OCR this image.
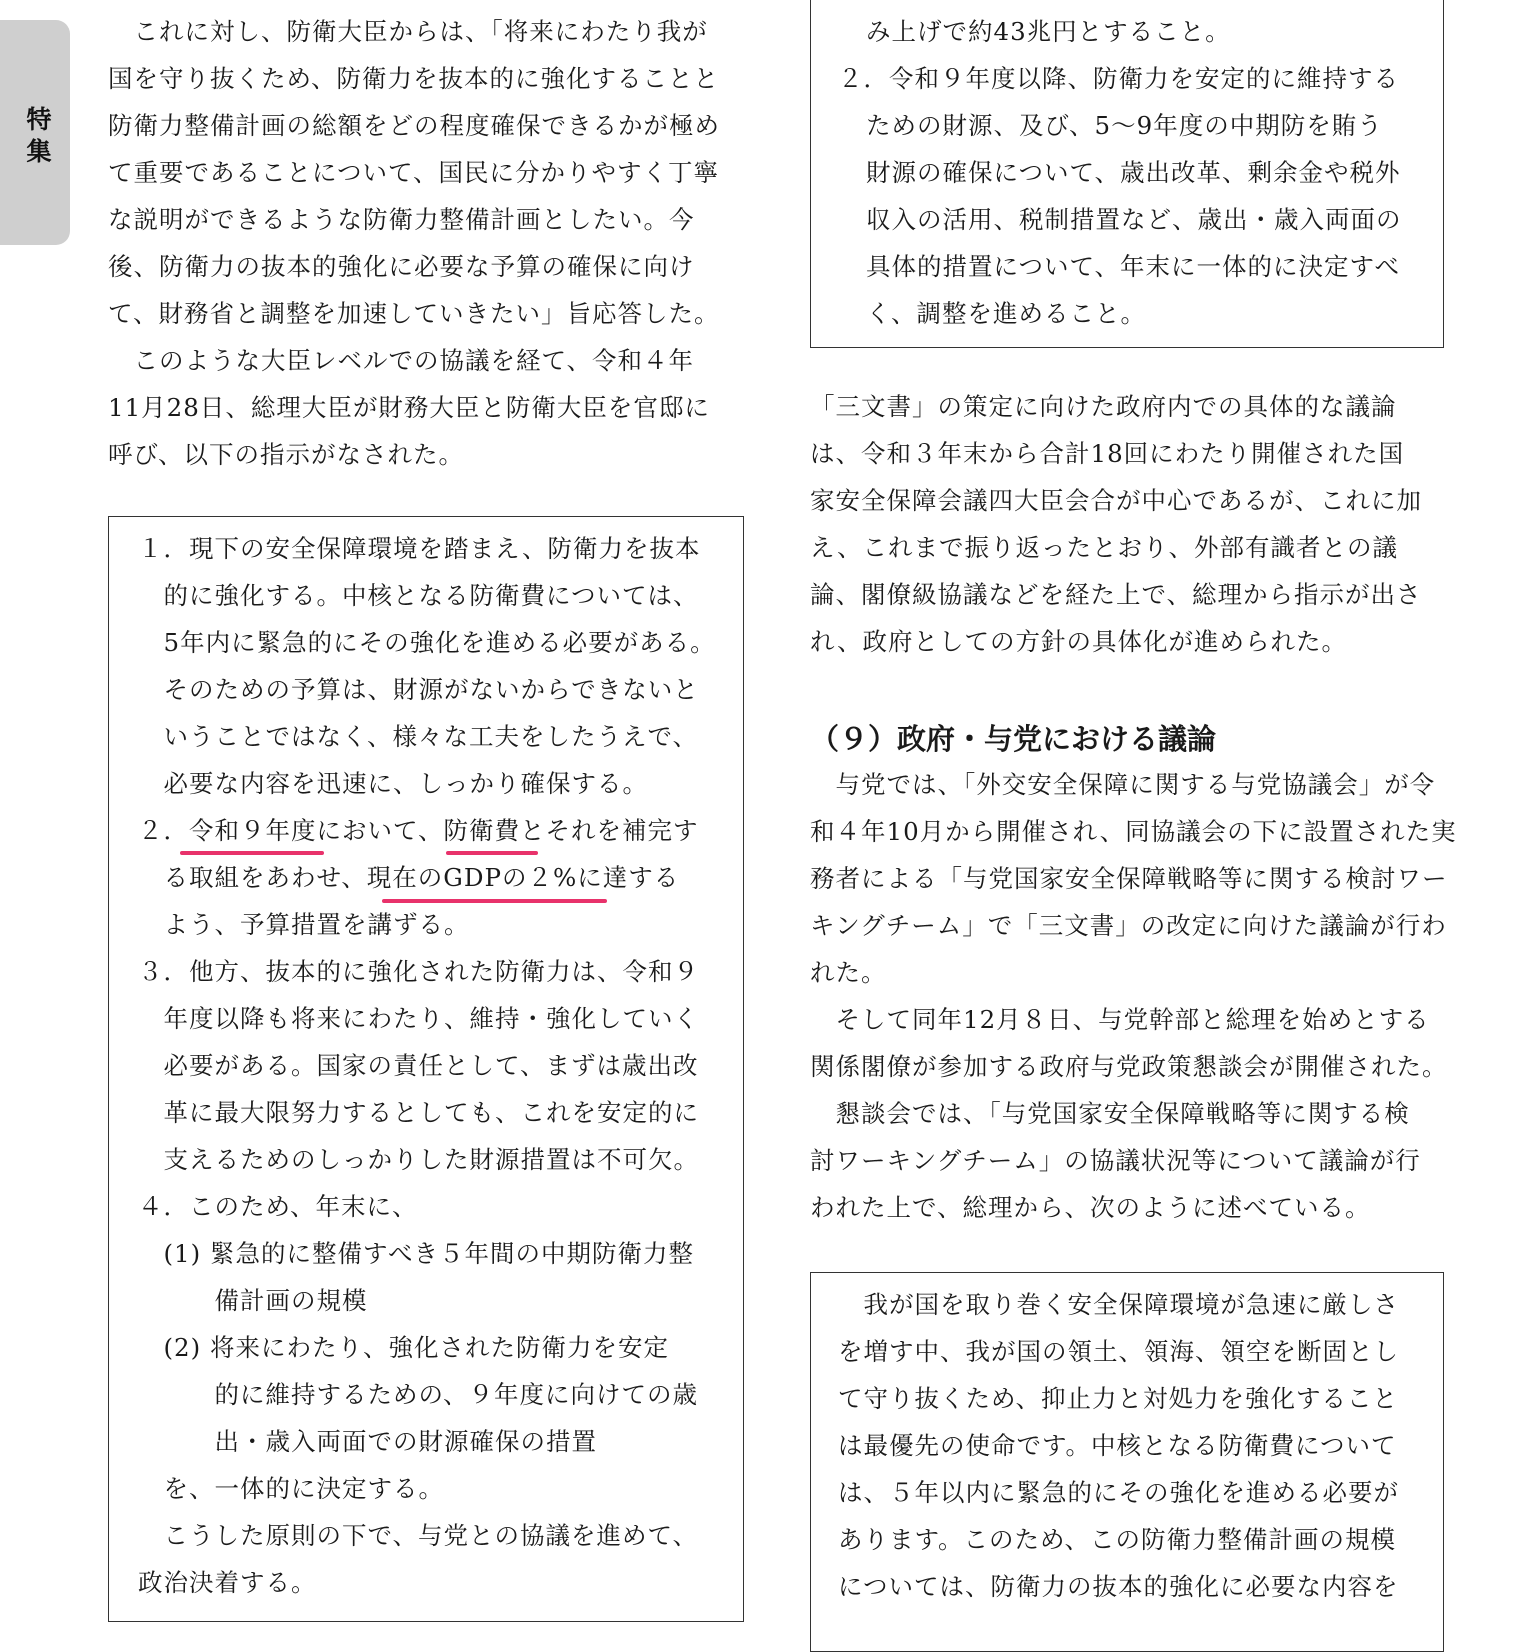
特
集
　これに対し、防衛大臣からは、「将来にわたり我が
国を守り抜くため、防衛力を抜本的に強化することと
防衛力整備計画の総額をどの程度確保できるかが極め
て重要であることについて、国民に分かりやすく丁寧
な説明ができるような防衛力整備計画としたい。今
後、防衛力の抜本的強化に必要な予算の確保に向け
て、財務省と調整を加速していきたい」旨応答した。
　このような大臣レベルでの協議を経て、令和４年
11月28日、総理大臣が財務大臣と防衛大臣を官邸に
呼び、以下の指示がなされた。
１．現下の安全保障環境を踏まえ、防衛力を抜本
　的に強化する。中核となる防衛費については、
　5年内に緊急的にその強化を進める必要がある。
　そのための予算は、財源がないからできないと
　いうことではなく、様々な工夫をしたうえで、
　必要な内容を迅速に、しっかり確保する。
２．令和９年度において、防衛費とそれを補完す
　る取組をあわせ、現在のGDPの２%に達する
　よう、予算措置を講ずる。
３．他方、抜本的に強化された防衛力は、令和９
　年度以降も将来にわたり、維持・強化していく
　必要がある。国家の責任として、まずは歳出改
　革に最大限努力するとしても、これを安定的に
　支えるためのしっかりした財源措置は不可欠。
４．このため、年末に、
　(1) 緊急的に整備すべき５年間の中期防衛力整
　　　備計画の規模
　(2) 将来にわたり、強化された防衛力を安定
　　　的に維持するための、９年度に向けての歳
　　　出・歳入両面での財源確保の措置
　を、一体的に決定する。
　こうした原則の下で、与党との協議を進めて、
政治決着する。
み上げで約43兆円とすること。
２．令和９年度以降、防衛力を安定的に維持する
ための財源、及び、5～9年度の中期防を賄う
財源の確保について、歳出改革、剰余金や税外
収入の活用、税制措置など、歳出・歳入両面の
具体的措置について、年末に一体的に決定すべ
く、調整を進めること。
「三文書」の策定に向けた政府内での具体的な議論
は、令和３年末から合計18回にわたり開催された国
家安全保障会議四大臣会合が中心であるが、これに加
え、これまで振り返ったとおり、外部有識者との議
論、閣僚級協議などを経た上で、総理から指示が出さ
れ、政府としての方針の具体化が進められた。
（９）政府・与党における議論
　与党では、「外交安全保障に関する与党協議会」が令
和４年10月から開催され、同協議会の下に設置された実
務者による「与党国家安全保障戦略等に関する検討ワー
キングチーム」で「三文書」の改定に向けた議論が行わ
れた。
　そして同年12月８日、与党幹部と総理を始めとする
関係閣僚が参加する政府与党政策懇談会が開催された。
　懇談会では、「与党国家安全保障戦略等に関する検
討ワーキングチーム」の協議状況等について議論が行
われた上で、総理から、次のように述べている。
　我が国を取り巻く安全保障環境が急速に厳しさ
を増す中、我が国の領土、領海、領空を断固とし
て守り抜くため、抑止力と対処力を強化すること
は最優先の使命です。中核となる防衛費について
は、５年以内に緊急的にその強化を進める必要が
あります。このため、この防衛力整備計画の規模
については、防衛力の抜本的強化に必要な内容を
